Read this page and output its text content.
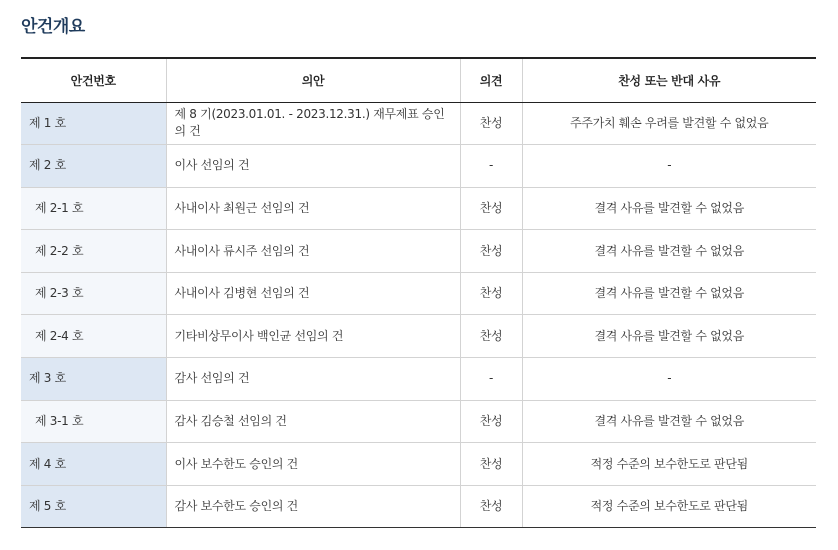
안건개요
안건번호	의안	의견	찬성 또는 반대 사유
제 1 호	제 8 기(2023.01.01. - 2023.12.31.) 재무제표 승인의 건	찬성	주주가치 훼손 우려를 발견할 수 없었음
제 2 호	이사 선임의 건	-	-
제 2-1 호	사내이사 최원근 선임의 건	찬성	결격 사유를 발견할 수 없었음
제 2-2 호	사내이사 류시주 선임의 건	찬성	결격 사유를 발견할 수 없었음
제 2-3 호	사내이사 김병현 선임의 건	찬성	결격 사유를 발견할 수 없었음
제 2-4 호	기타비상무이사 백인균 선임의 건	찬성	결격 사유를 발견할 수 없었음
제 3 호	감사 선임의 건	-	-
제 3-1 호	감사 김승철 선임의 건	찬성	결격 사유를 발견할 수 없었음
제 4 호	이사 보수한도 승인의 건	찬성	적정 수준의 보수한도로 판단됨
제 5 호	감사 보수한도 승인의 건	찬성	적정 수준의 보수한도로 판단됨
